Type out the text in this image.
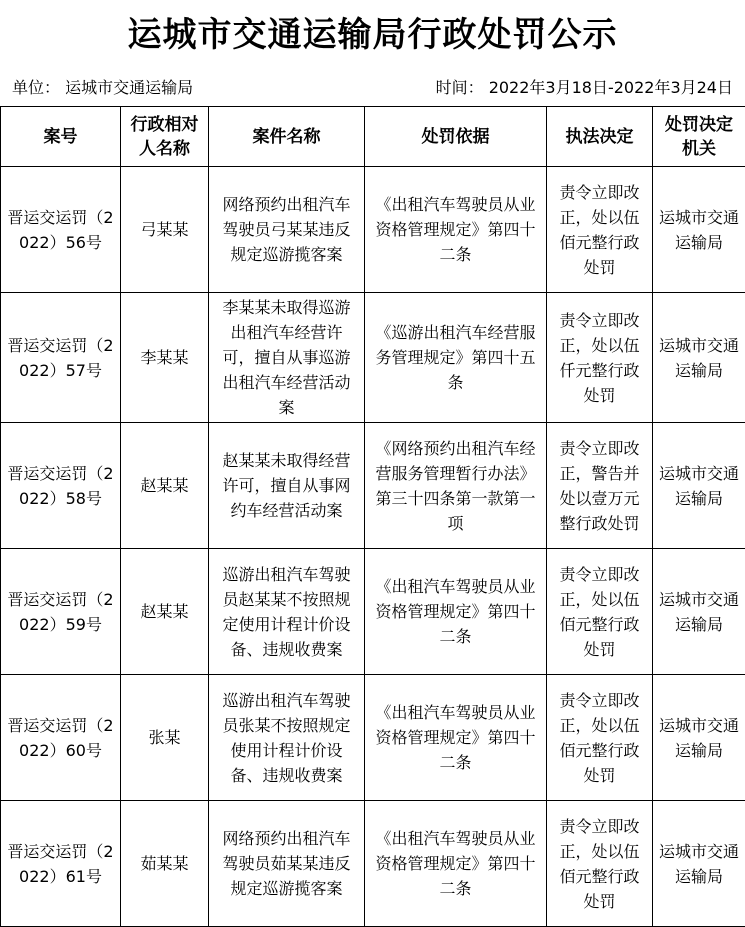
运城市交通运输局行政处罚公示
单位： 运城市交通运输局	时间： 2022年3月18日-2022年3月24日
案号	行政相对人名称	案件名称	处罚依据	执法决定	处罚决定机关
晋运交运罚（2022）56号	弓某某	网络预约出租汽车驾驶员弓某某违反规定巡游揽客案	《出租汽车驾驶员从业资格管理规定》第四十二条	责令立即改正，处以伍佰元整行政处罚	运城市交通运输局
晋运交运罚（2022）57号	李某某	李某某未取得巡游出租汽车经营许可，擅自从事巡游出租汽车经营活动案	《巡游出租汽车经营服务管理规定》第四十五条	责令立即改正，处以伍仟元整行政处罚	运城市交通运输局
晋运交运罚（2022）58号	赵某某	赵某某未取得经营许可，擅自从事网约车经营活动案	《网络预约出租汽车经营服务管理暂行办法》第三十四条第一款第一项	责令立即改正，警告并处以壹万元整行政处罚	运城市交通运输局
晋运交运罚（2022）59号	赵某某	巡游出租汽车驾驶员赵某某不按照规定使用计程计价设备、违规收费案	《出租汽车驾驶员从业资格管理规定》第四十二条	责令立即改正，处以伍佰元整行政处罚	运城市交通运输局
晋运交运罚（2022）60号	张某	巡游出租汽车驾驶员张某不按照规定使用计程计价设备、违规收费案	《出租汽车驾驶员从业资格管理规定》第四十二条	责令立即改正，处以伍佰元整行政处罚	运城市交通运输局
晋运交运罚（2022）61号	茹某某	网络预约出租汽车驾驶员茹某某违反规定巡游揽客案	《出租汽车驾驶员从业资格管理规定》第四十二条	责令立即改正，处以伍佰元整行政处罚	运城市交通运输局
